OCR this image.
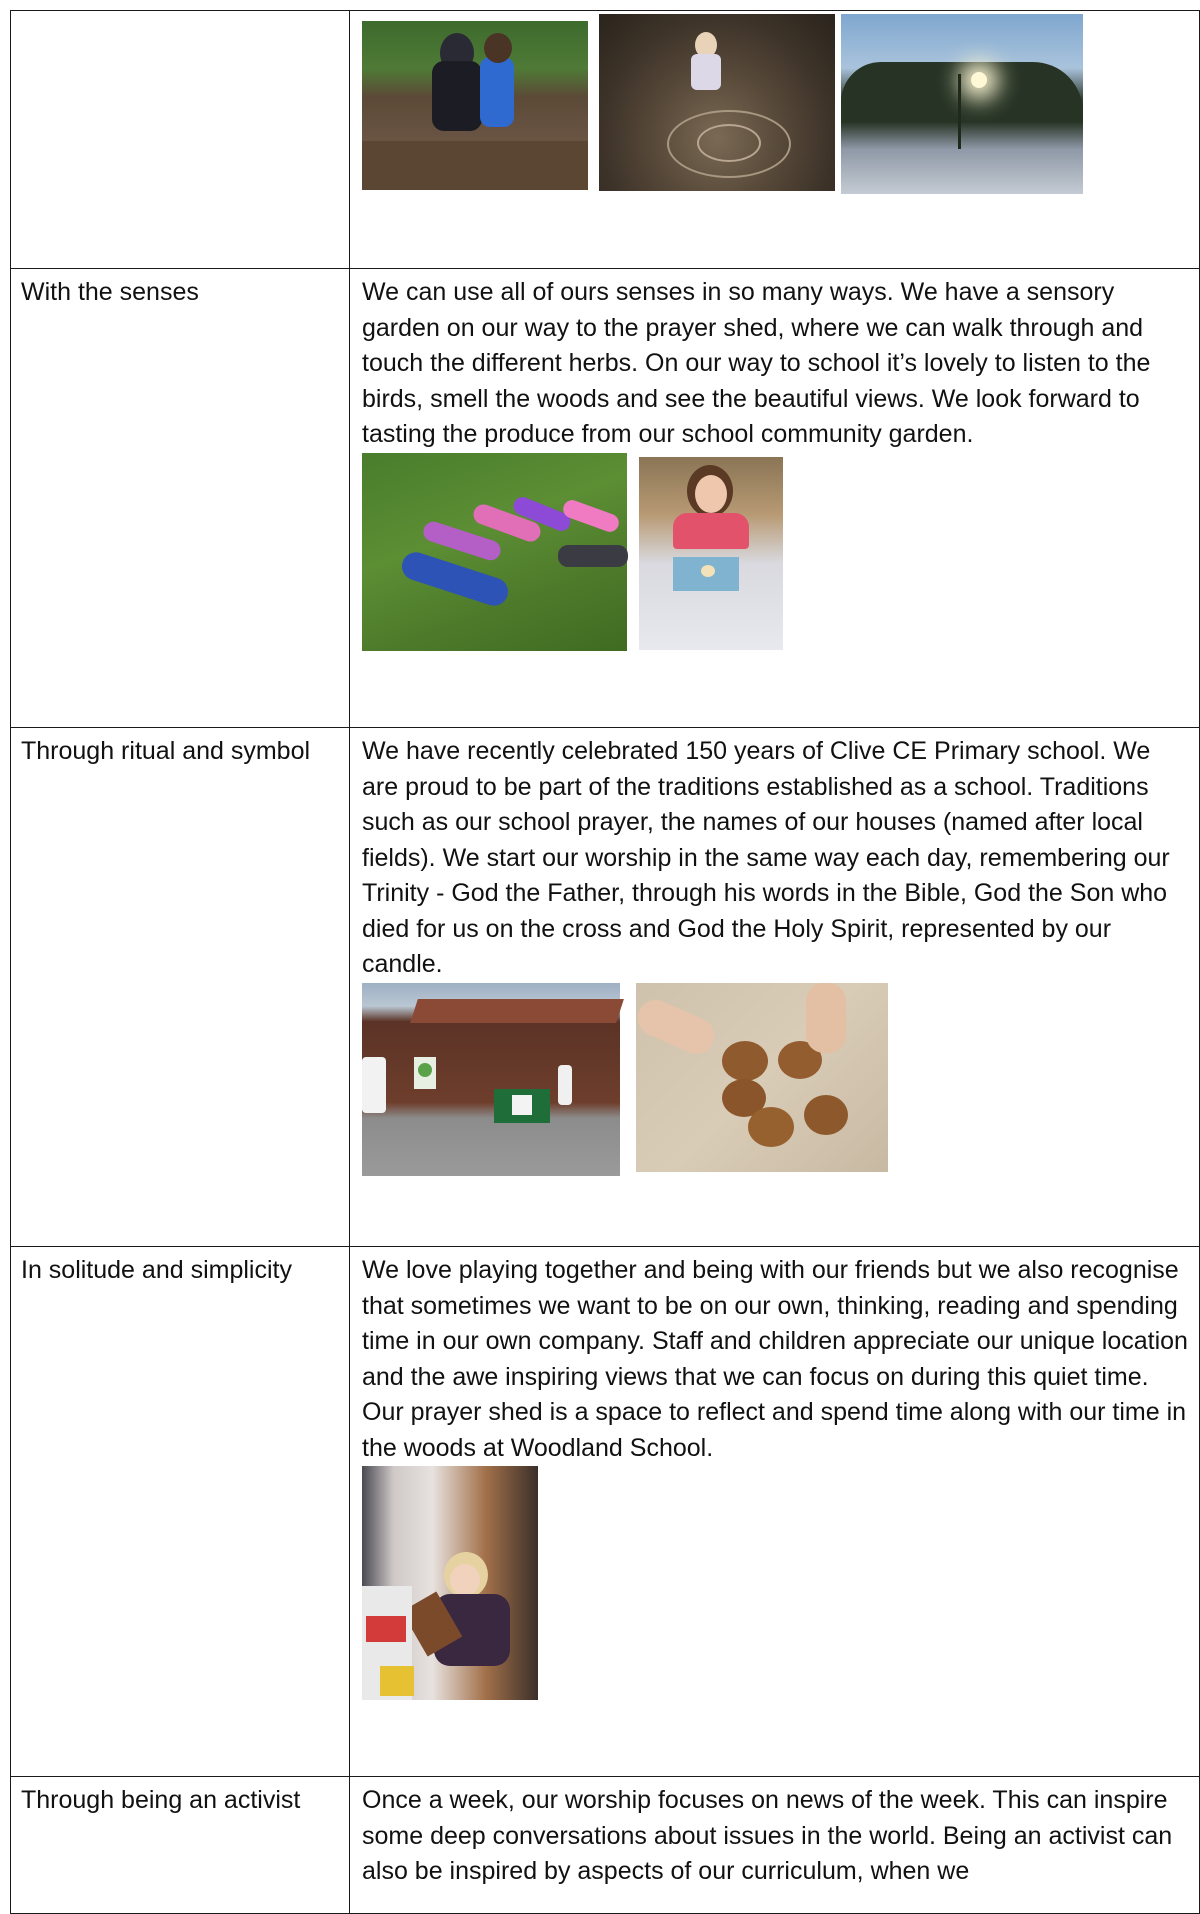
With the senses	We can use all of ours senses in so many ways. We have a sensory garden on our way to the prayer shed, where we can walk through and touch the different herbs. On our way to school it’s lovely to listen to the birds, smell the woods and see the beautiful views. We look forward to tasting the produce from our school community garden.

Through ritual and symbol	We have recently celebrated 150 years of Clive CE Primary school. We are proud to be part of the traditions established as a school. Traditions such as our school prayer, the names of our houses (named after local fields). We start our worship in the same way each day, remembering our Trinity - God the Father, through his words in the Bible, God the Son who died for us on the cross and God the Holy Spirit, represented by our candle.

In solitude and simplicity	We love playing together and being with our friends but we also recognise that sometimes we want to be on our own, thinking, reading and spending time in our own company. Staff and children appreciate our unique location and the awe inspiring views that we can focus on during this quiet time. Our prayer shed is a space to reflect and spend time along with our time in the woods at Woodland School.

Through being an activist	Once a week, our worship focuses on news of the week. This can inspire some deep conversations about issues in the world. Being an activist can also be inspired by aspects of our curriculum, when we
